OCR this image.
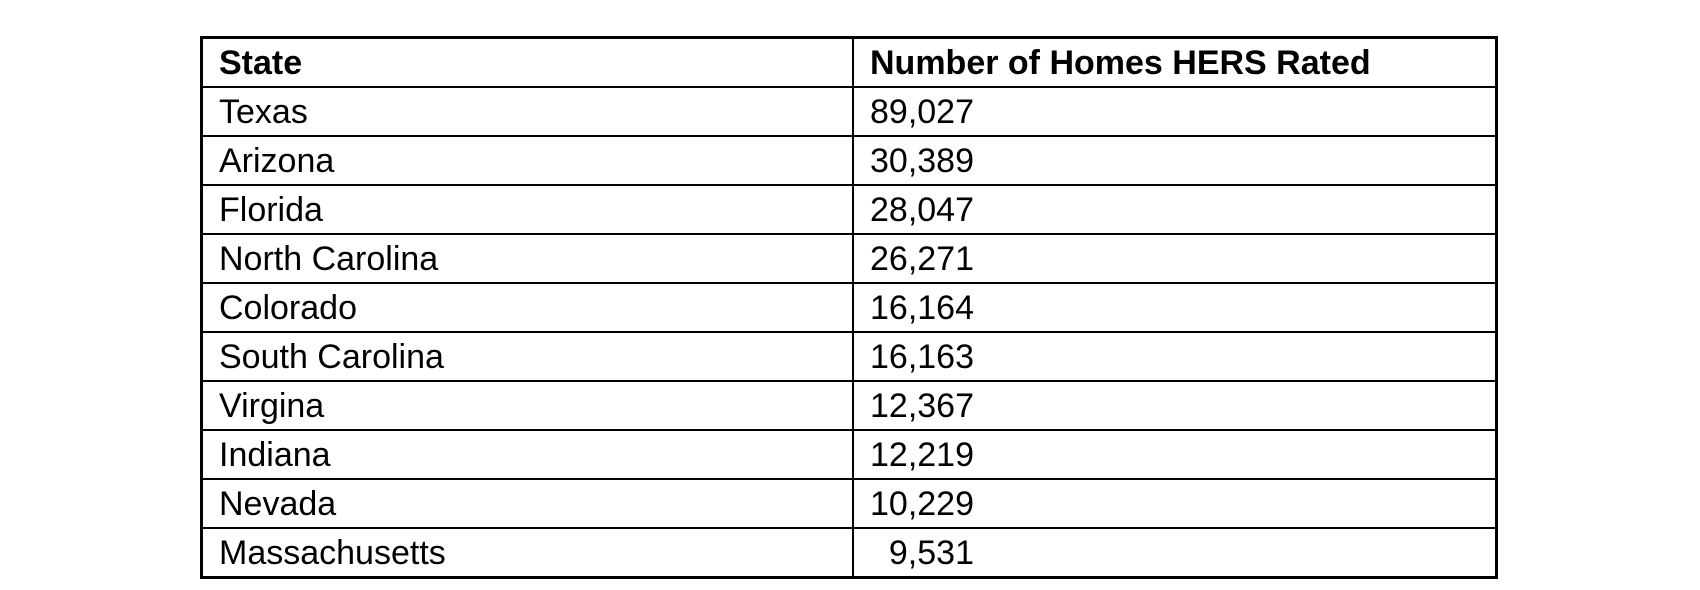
State	Number of Homes HERS Rated
Texas	89,027
Arizona	30,389
Florida	28,047
North Carolina	26,271
Colorado	16,164
South Carolina	16,163
Virgina	12,367
Indiana	12,219
Nevada	10,229
Massachusetts	9,531
